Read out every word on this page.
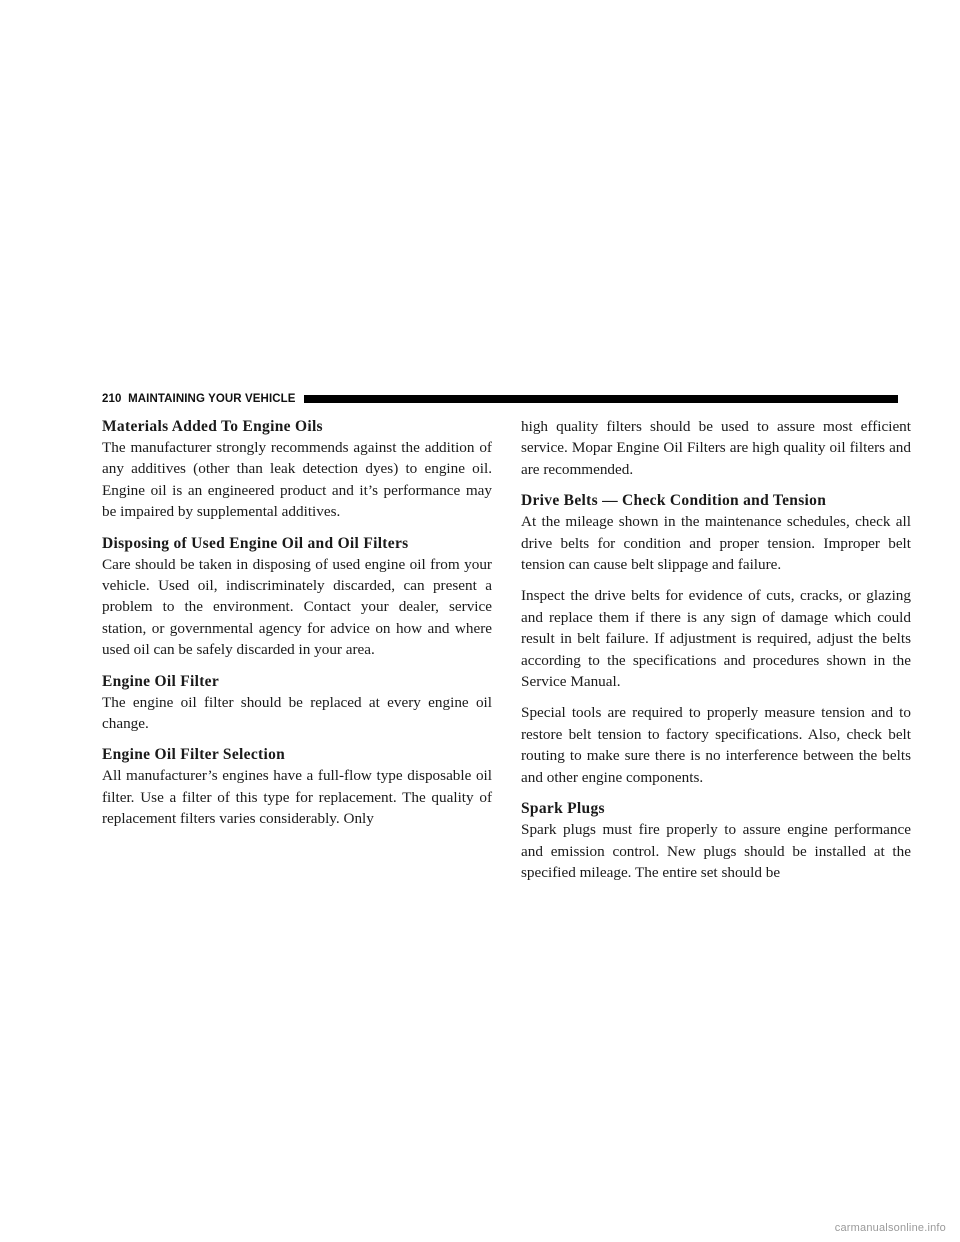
210 MAINTAINING YOUR VEHICLE
Materials Added To Engine Oils

The manufacturer strongly recommends against the addition of any additives (other than leak detection dyes) to engine oil. Engine oil is an engineered product and it’s performance may be impaired by supplemental additives.

Disposing of Used Engine Oil and Oil Filters

Care should be taken in disposing of used engine oil from your vehicle. Used oil, indiscriminately discarded, can present a problem to the environment. Contact your dealer, service station, or governmental agency for advice on how and where used oil can be safely discarded in your area.

Engine Oil Filter

The engine oil filter should be replaced at every engine oil change.

Engine Oil Filter Selection

All manufacturer’s engines have a full-flow type disposable oil filter. Use a filter of this type for replacement. The quality of replacement filters varies considerably. Only

high quality filters should be used to assure most efficient service. Mopar Engine Oil Filters are high quality oil filters and are recommended.

Drive Belts — Check Condition and Tension

At the mileage shown in the maintenance schedules, check all drive belts for condition and proper tension. Improper belt tension can cause belt slippage and failure.

Inspect the drive belts for evidence of cuts, cracks, or glazing and replace them if there is any sign of damage which could result in belt failure. If adjustment is required, adjust the belts according to the specifications and procedures shown in the Service Manual.

Special tools are required to properly measure tension and to restore belt tension to factory specifications. Also, check belt routing to make sure there is no interference between the belts and other engine components.

Spark Plugs

Spark plugs must fire properly to assure engine performance and emission control. New plugs should be installed at the specified mileage. The entire set should be

carmanualsonline.info
